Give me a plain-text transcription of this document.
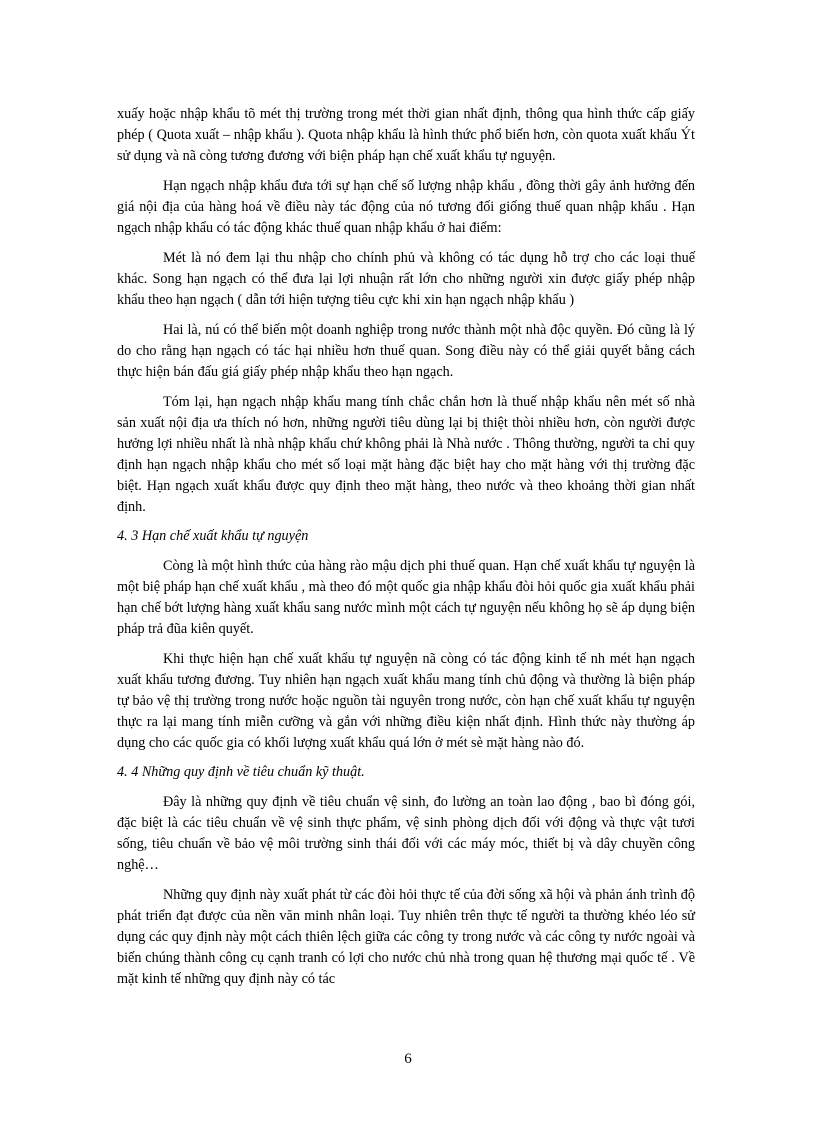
xuấy hoặc nhập khẩu tõ mét thị trường trong mét thời gian nhất định, thông qua hình thức cấp giấy phép ( Quota xuất – nhập khẩu ). Quota nhập khẩu là hình thức phổ biến hơn, còn quota xuất khẩu Ýt sử dụng và nã còng tương đương với biện pháp hạn chế xuất khẩu tự nguyện.

Hạn ngạch nhập khẩu đưa tới sự hạn chế số lượng nhập khẩu , đồng thời gây ảnh hưởng đến giá nội địa của hàng hoá về điều này tác động của nó tương đối giống thuế quan nhập khẩu . Hạn ngạch nhập khẩu có tác động khác thuế quan nhập khẩu ở hai điểm:

Mét là nó đem lại thu nhập cho chính phủ và không có tác dụng hỗ trợ cho các loại thuế khác. Song hạn ngạch có thể đưa lại lợi nhuận rất lớn cho những người xin được giấy phép nhập khẩu theo hạn ngạch ( dẫn tới hiện tượng tiêu cực khi xin hạn ngạch nhập khẩu )

Hai là, nú có thể biến một doanh nghiệp trong nước thành một nhà độc quyền. Đó cũng là lý do cho rằng hạn ngạch có tác hại nhiều hơn thuế quan. Song điều này có thể giải quyết bằng cách thực hiện bán đấu giá giấy phép nhập khẩu theo hạn ngạch.

Tóm lại, hạn ngạch nhập khẩu mang tính chắc chắn hơn là thuế nhập khẩu nên mét số nhà sản xuất nội địa ưa thích nó hơn, những người tiêu dùng lại bị thiệt thòi nhiều hơn, còn người được hưởng lợi nhiều nhất là nhà nhập khẩu chứ không phải là Nhà nước . Thông thường, người ta chỉ quy định hạn ngạch nhập khẩu cho mét số loại mặt hàng đặc biệt hay cho mặt hàng với thị trường đặc biệt. Hạn ngạch xuất khẩu được quy định theo mặt hàng, theo nước và theo khoảng thời gian nhất định.

4. 3 Hạn chế xuất khẩu tự nguyện

Còng là một hình thức của hàng rào mậu dịch phi thuế quan. Hạn chế xuất khẩu tự nguyện là một biệ pháp hạn chế xuất khẩu , mà theo đó một quốc gia nhập khẩu đòi hỏi quốc gia xuất khẩu phải hạn chế bớt lượng hàng xuất khẩu sang nước mình một cách tự nguyện nếu không họ sẽ áp dụng biện pháp trả đũa kiên quyết.

Khi thực hiện hạn chế xuất khẩu tự nguyện nã còng có tác động kinh tế nh mét hạn ngạch xuất khẩu tương đương. Tuy nhiên hạn ngạch xuất khẩu mang tính chủ động và thường là biện pháp tự bảo vệ thị trường trong nước hoặc nguồn tài nguyên trong nước, còn hạn chế xuất khẩu tự nguyện thực ra lại mang tính miễn cưỡng và gắn với những điều kiện nhất định. Hình thức này thường áp dụng cho các quốc gia có khối lượng xuất khẩu quá lớn ở mét sè mặt hàng nào đó.

4. 4 Những quy định về tiêu chuẩn kỹ thuật.

Đây là những quy định về tiêu chuẩn vệ sinh, đo lường an toàn lao động , bao bì đóng gói, đặc biệt là các tiêu chuẩn về vệ sinh thực phẩm, vệ sinh phòng dịch đối với động và thực vật tươi sống, tiêu chuẩn về bảo vệ môi trường sinh thái đối với các máy móc, thiết bị và dây chuyền công nghệ…

Những quy định này xuất phát từ các đòi hỏi thực tế của đời sống xã hội và phản ánh trình độ phát triển đạt được của nền văn minh nhân loại. Tuy nhiên trên thực tế người ta thường khéo léo sử dụng các quy định này một cách thiên lệch giữa các công ty trong nước và các công ty nước ngoài và biến chúng thành công cụ cạnh tranh có lợi cho nước chủ nhà trong quan hệ thương mại quốc tế . Về mặt kinh tế những quy định này có tác

6
